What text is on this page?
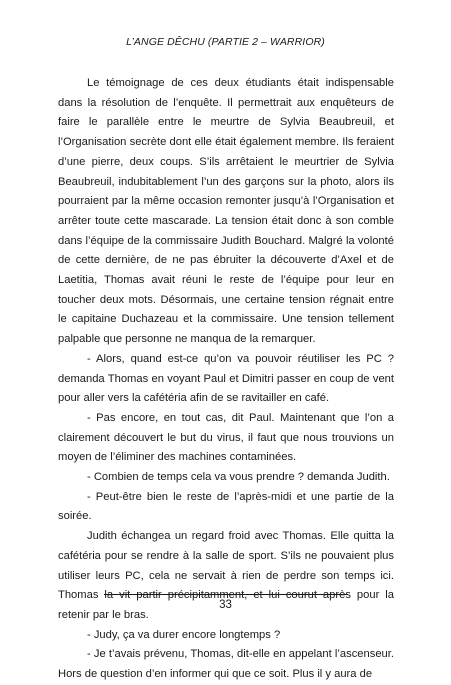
L’ANGE DÊCHU (PARTIE 2 – WARRIOR)

Le témoignage de ces deux étudiants était indispensable dans la résolution de l’enquête. Il permettrait aux enquêteurs de faire le parallèle entre le meurtre de Sylvia Beaubreuil, et l’Organisation secrète dont elle était également membre. Ils feraient d’une pierre, deux coups. S’ils arrêtaient le meurtrier de Sylvia Beaubreuil, indubitablement l’un des garçons sur la photo, alors ils pourraient par la même occasion remonter jusqu’à l’Organisation et arrêter toute cette mascarade. La tension était donc à son comble dans l’équipe de la commissaire Judith Bouchard. Malgré la volonté de cette dernière, de ne pas ébruiter la découverte d’Axel et de Laetitia, Thomas avait réuni le reste de l’équipe pour leur en toucher deux mots. Désormais, une certaine tension régnait entre le capitaine Duchazeau et la commissaire. Une tension tellement palpable que personne ne manqua de la remarquer.

- Alors, quand est-ce qu’on va pouvoir réutiliser les PC ? demanda Thomas en voyant Paul et Dimitri passer en coup de vent pour aller vers la cafétéria afin de se ravitailler en café.

- Pas encore, en tout cas, dit Paul. Maintenant que l’on a clairement découvert le but du virus, il faut que nous trouvions un moyen de l’éliminer des machines contaminées.

- Combien de temps cela va vous prendre ? demanda Judith.

- Peut-être bien le reste de l’après-midi et une partie de la soirée.

Judith échangea un regard froid avec Thomas. Elle quitta la cafétéria pour se rendre à la salle de sport. S’ils ne pouvaient plus utiliser leurs PC, cela ne servait à rien de perdre son temps ici. Thomas la vit partir précipitamment, et lui courut après pour la retenir par le bras.

- Judy, ça va durer encore longtemps ?

- Je t’avais prévenu, Thomas, dit-elle en appelant l’ascenseur. Hors de question d’en informer qui que ce soit. Plus il y aura de

33
